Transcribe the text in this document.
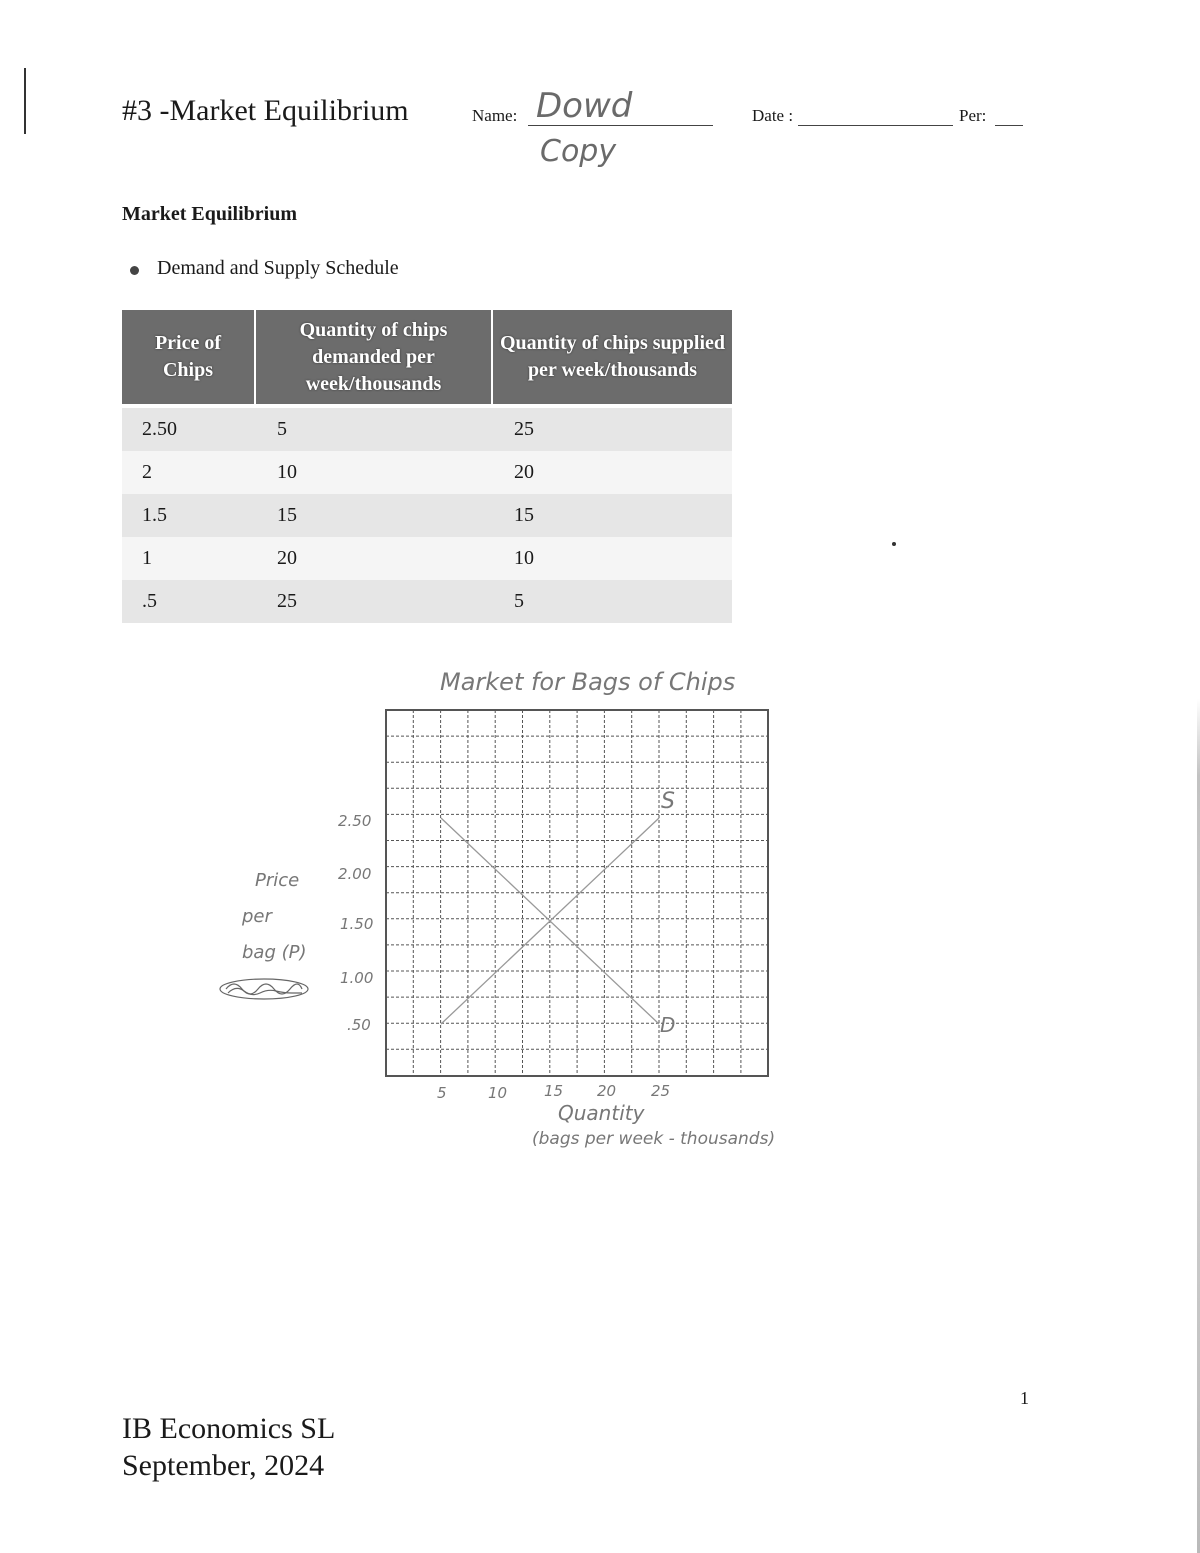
#3 -Market Equilibrium	Name: Dowd
Copy
Date :	Per:
Market Equilibrium
Demand and Supply Schedule
Price of Chips	Quantity of chips demanded per week/thousands	Quantity of chips supplied per week/thousands

2.50	5	25
2	10	20
1.5	15	15
1	20	10
.5	25	5
Market for Bags of Chips
S
D
2.50
2.00
1.50
1.00
.50
Price
per
bag (P)
5	10 15 20 25
Quantity
(bags per week - thousands)
1
IB Economics SL
September, 2024
